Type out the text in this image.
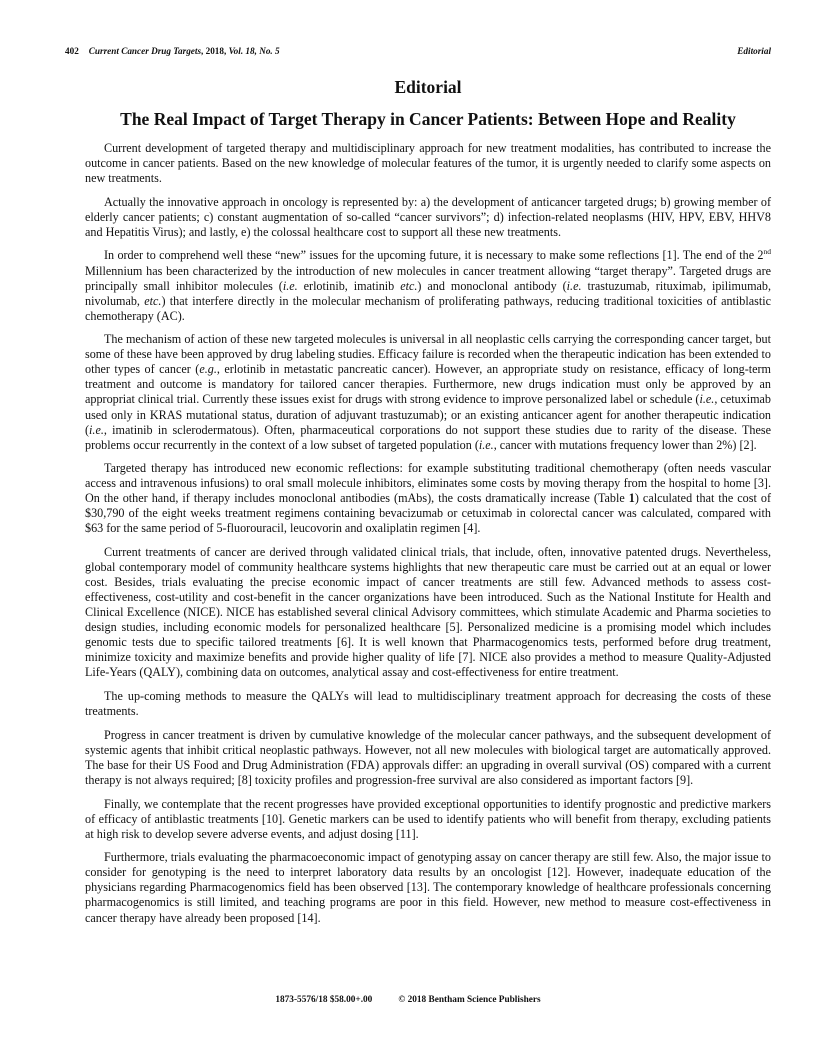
402 Current Cancer Drug Targets, 2018, Vol. 18, No. 5	Editorial
Editorial
The Real Impact of Target Therapy in Cancer Patients: Between Hope and Reality

Current development of targeted therapy and multidisciplinary approach for new treatment modalities, has contributed to increase the outcome in cancer patients. Based on the new knowledge of molecular features of the tumor, it is urgently needed to clarify some aspects on new treatments.

Actually the innovative approach in oncology is represented by: a) the development of anticancer targeted drugs; b) growing member of elderly cancer patients; c) constant augmentation of so-called “cancer survivors”; d) infection-related neoplasms (HIV, HPV, EBV, HHV8 and Hepatitis Virus); and lastly, e) the colossal healthcare cost to support all these new treatments.

In order to comprehend well these “new” issues for the upcoming future, it is necessary to make some reflections [1]. The end of the 2nd Millennium has been characterized by the introduction of new molecules in cancer treatment allowing “target therapy”. Targeted drugs are principally small inhibitor molecules (i.e. erlotinib, imatinib etc.) and monoclonal antibody (i.e. trastuzumab, rituximab, ipilimumab, nivolumab, etc.) that interfere directly in the molecular mechanism of proliferating pathways, reducing traditional toxicities of antiblastic chemotherapy (AC).

The mechanism of action of these new targeted molecules is universal in all neoplastic cells carrying the corresponding cancer target, but some of these have been approved by drug labeling studies. Efficacy failure is recorded when the therapeutic indication has been extended to other types of cancer (e.g., erlotinib in metastatic pancreatic cancer). However, an appropriate study on resistance, efficacy of long-term treatment and outcome is mandatory for tailored cancer therapies. Furthermore, new drugs indication must only be approved by an appropriat clinical trial. Currently these issues exist for drugs with strong evidence to improve personalized label or schedule (i.e., cetuximab used only in KRAS mutational status, duration of adjuvant trastuzumab); or an existing anticancer agent for another therapeutic indication (i.e., imatinib in sclerodermatous). Often, pharmaceutical corporations do not support these studies due to rarity of the disease. These problems occur recurrently in the context of a low subset of targeted population (i.e., cancer with mutations frequency lower than 2%) [2].

Targeted therapy has introduced new economic reflections: for example substituting traditional chemotherapy (often needs vascular access and intravenous infusions) to oral small molecule inhibitors, eliminates some costs by moving therapy from the hospital to home [3]. On the other hand, if therapy includes monoclonal antibodies (mAbs), the costs dramatically increase (Table 1) calculated that the cost of $30,790 of the eight weeks treatment regimens containing bevacizumab or cetuximab in colorectal cancer was calculated, compared with $63 for the same period of 5-fluorouracil, leucovorin and oxaliplatin regimen [4].

Current treatments of cancer are derived through validated clinical trials, that include, often, innovative patented drugs. Nevertheless, global contemporary model of community healthcare systems highlights that new therapeutic care must be carried out at an equal or lower cost. Besides, trials evaluating the precise economic impact of cancer treatments are still few. Advanced methods to assess cost-effectiveness, cost-utility and cost-benefit in the cancer organizations have been introduced. Such as the National Institute for Health and Clinical Excellence (NICE). NICE has established several clinical Advisory committees, which stimulate Academic and Pharma societies to design studies, including economic models for personalized healthcare [5]. Personalized medicine is a promising model which includes genomic tests due to specific tailored treatments [6]. It is well known that Pharmacogenomics tests, performed before drug treatment, minimize toxicity and maximize benefits and provide higher quality of life [7]. NICE also provides a method to measure Quality-Adjusted Life-Years (QALY), combining data on outcomes, analytical assay and cost-effectiveness for entire treatment.

The up-coming methods to measure the QALYs will lead to multidisciplinary treatment approach for decreasing the costs of these treatments.

Progress in cancer treatment is driven by cumulative knowledge of the molecular cancer pathways, and the subsequent development of systemic agents that inhibit critical neoplastic pathways. However, not all new molecules with biological target are automatically approved. The base for their US Food and Drug Administration (FDA) approvals differ: an upgrading in overall survival (OS) compared with a current therapy is not always required; [8] toxicity profiles and progression-free survival are also considered as important factors [9].

Finally, we contemplate that the recent progresses have provided exceptional opportunities to identify prognostic and predictive markers of efficacy of antiblastic treatments [10]. Genetic markers can be used to identify patients who will benefit from therapy, excluding patients at high risk to develop severe adverse events, and adjust dosing [11].

Furthermore, trials evaluating the pharmacoeconomic impact of genotyping assay on cancer therapy are still few. Also, the major issue to consider for genotyping is the need to interpret laboratory data results by an oncologist [12]. However, inadequate education of the physicians regarding Pharmacogenomics field has been observed [13]. The contemporary knowledge of healthcare professionals concerning pharmacogenomics is still limited, and teaching programs are poor in this field. However, new method to measure cost-effectiveness in cancer therapy have already been proposed [14].

1873-5576/18 $58.00+.00	© 2018 Bentham Science Publishers
